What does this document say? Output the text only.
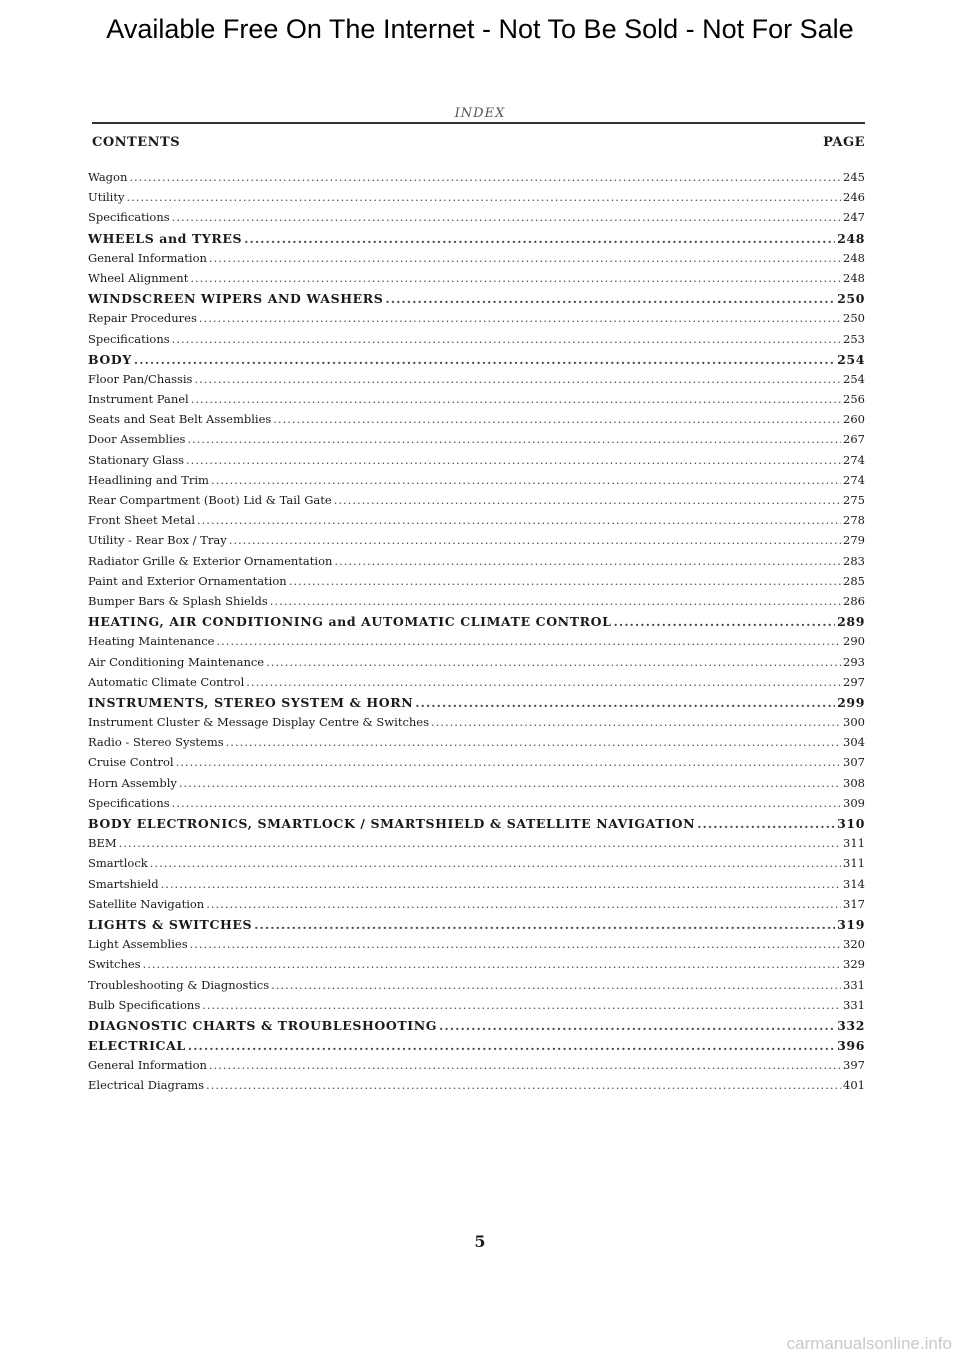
Available Free On The Internet - Not To Be Sold - Not For Sale
INDEX
CONTENTS	PAGE
Wagon .....	245
Utility .....	246
Specifications .....	247
WHEELS and TYRES .....	248
General Information .....	248
Wheel Alignment .....	248
WINDSCREEN WIPERS AND WASHERS .....	250
Repair Procedures .....	250
Specifications .....	253
BODY .....	254
Floor Pan/Chassis .....	254
Instrument Panel .....	256
Seats and Seat Belt Assemblies .....	260
Door Assemblies .....	267
Stationary Glass .....	274
Headlining and Trim .....	274
Rear Compartment (Boot) Lid & Tail Gate .....	275
Front Sheet Metal .....	278
Utility - Rear Box / Tray .....	279
Radiator Grille & Exterior Ornamentation .....	283
Paint and Exterior Ornamentation .....	285
Bumper Bars & Splash Shields .....	286
HEATING, AIR CONDITIONING and AUTOMATIC CLIMATE CONTROL .....	289
Heating Maintenance .....	290
Air Conditioning Maintenance .....	293
Automatic Climate Control .....	297
INSTRUMENTS, STEREO SYSTEM & HORN .....	299
Instrument Cluster & Message Display Centre & Switches .....	300
Radio - Stereo Systems .....	304
Cruise Control .....	307
Horn Assembly .....	308
Specifications .....	309
BODY ELECTRONICS, SMARTLOCK / SMARTSHIELD & SATELLITE NAVIGATION .....	310
BEM .....	311
Smartlock .....	311
Smartshield .....	314
Satellite Navigation .....	317
LIGHTS & SWITCHES .....	319
Light Assemblies .....	320
Switches .....	329
Troubleshooting & Diagnostics .....	331
Bulb Specifications .....	331
DIAGNOSTIC CHARTS & TROUBLESHOOTING .....	332
ELECTRICAL .....	396
General Information .....	397
Electrical Diagrams .....	401
5
carmanualsonline.info
